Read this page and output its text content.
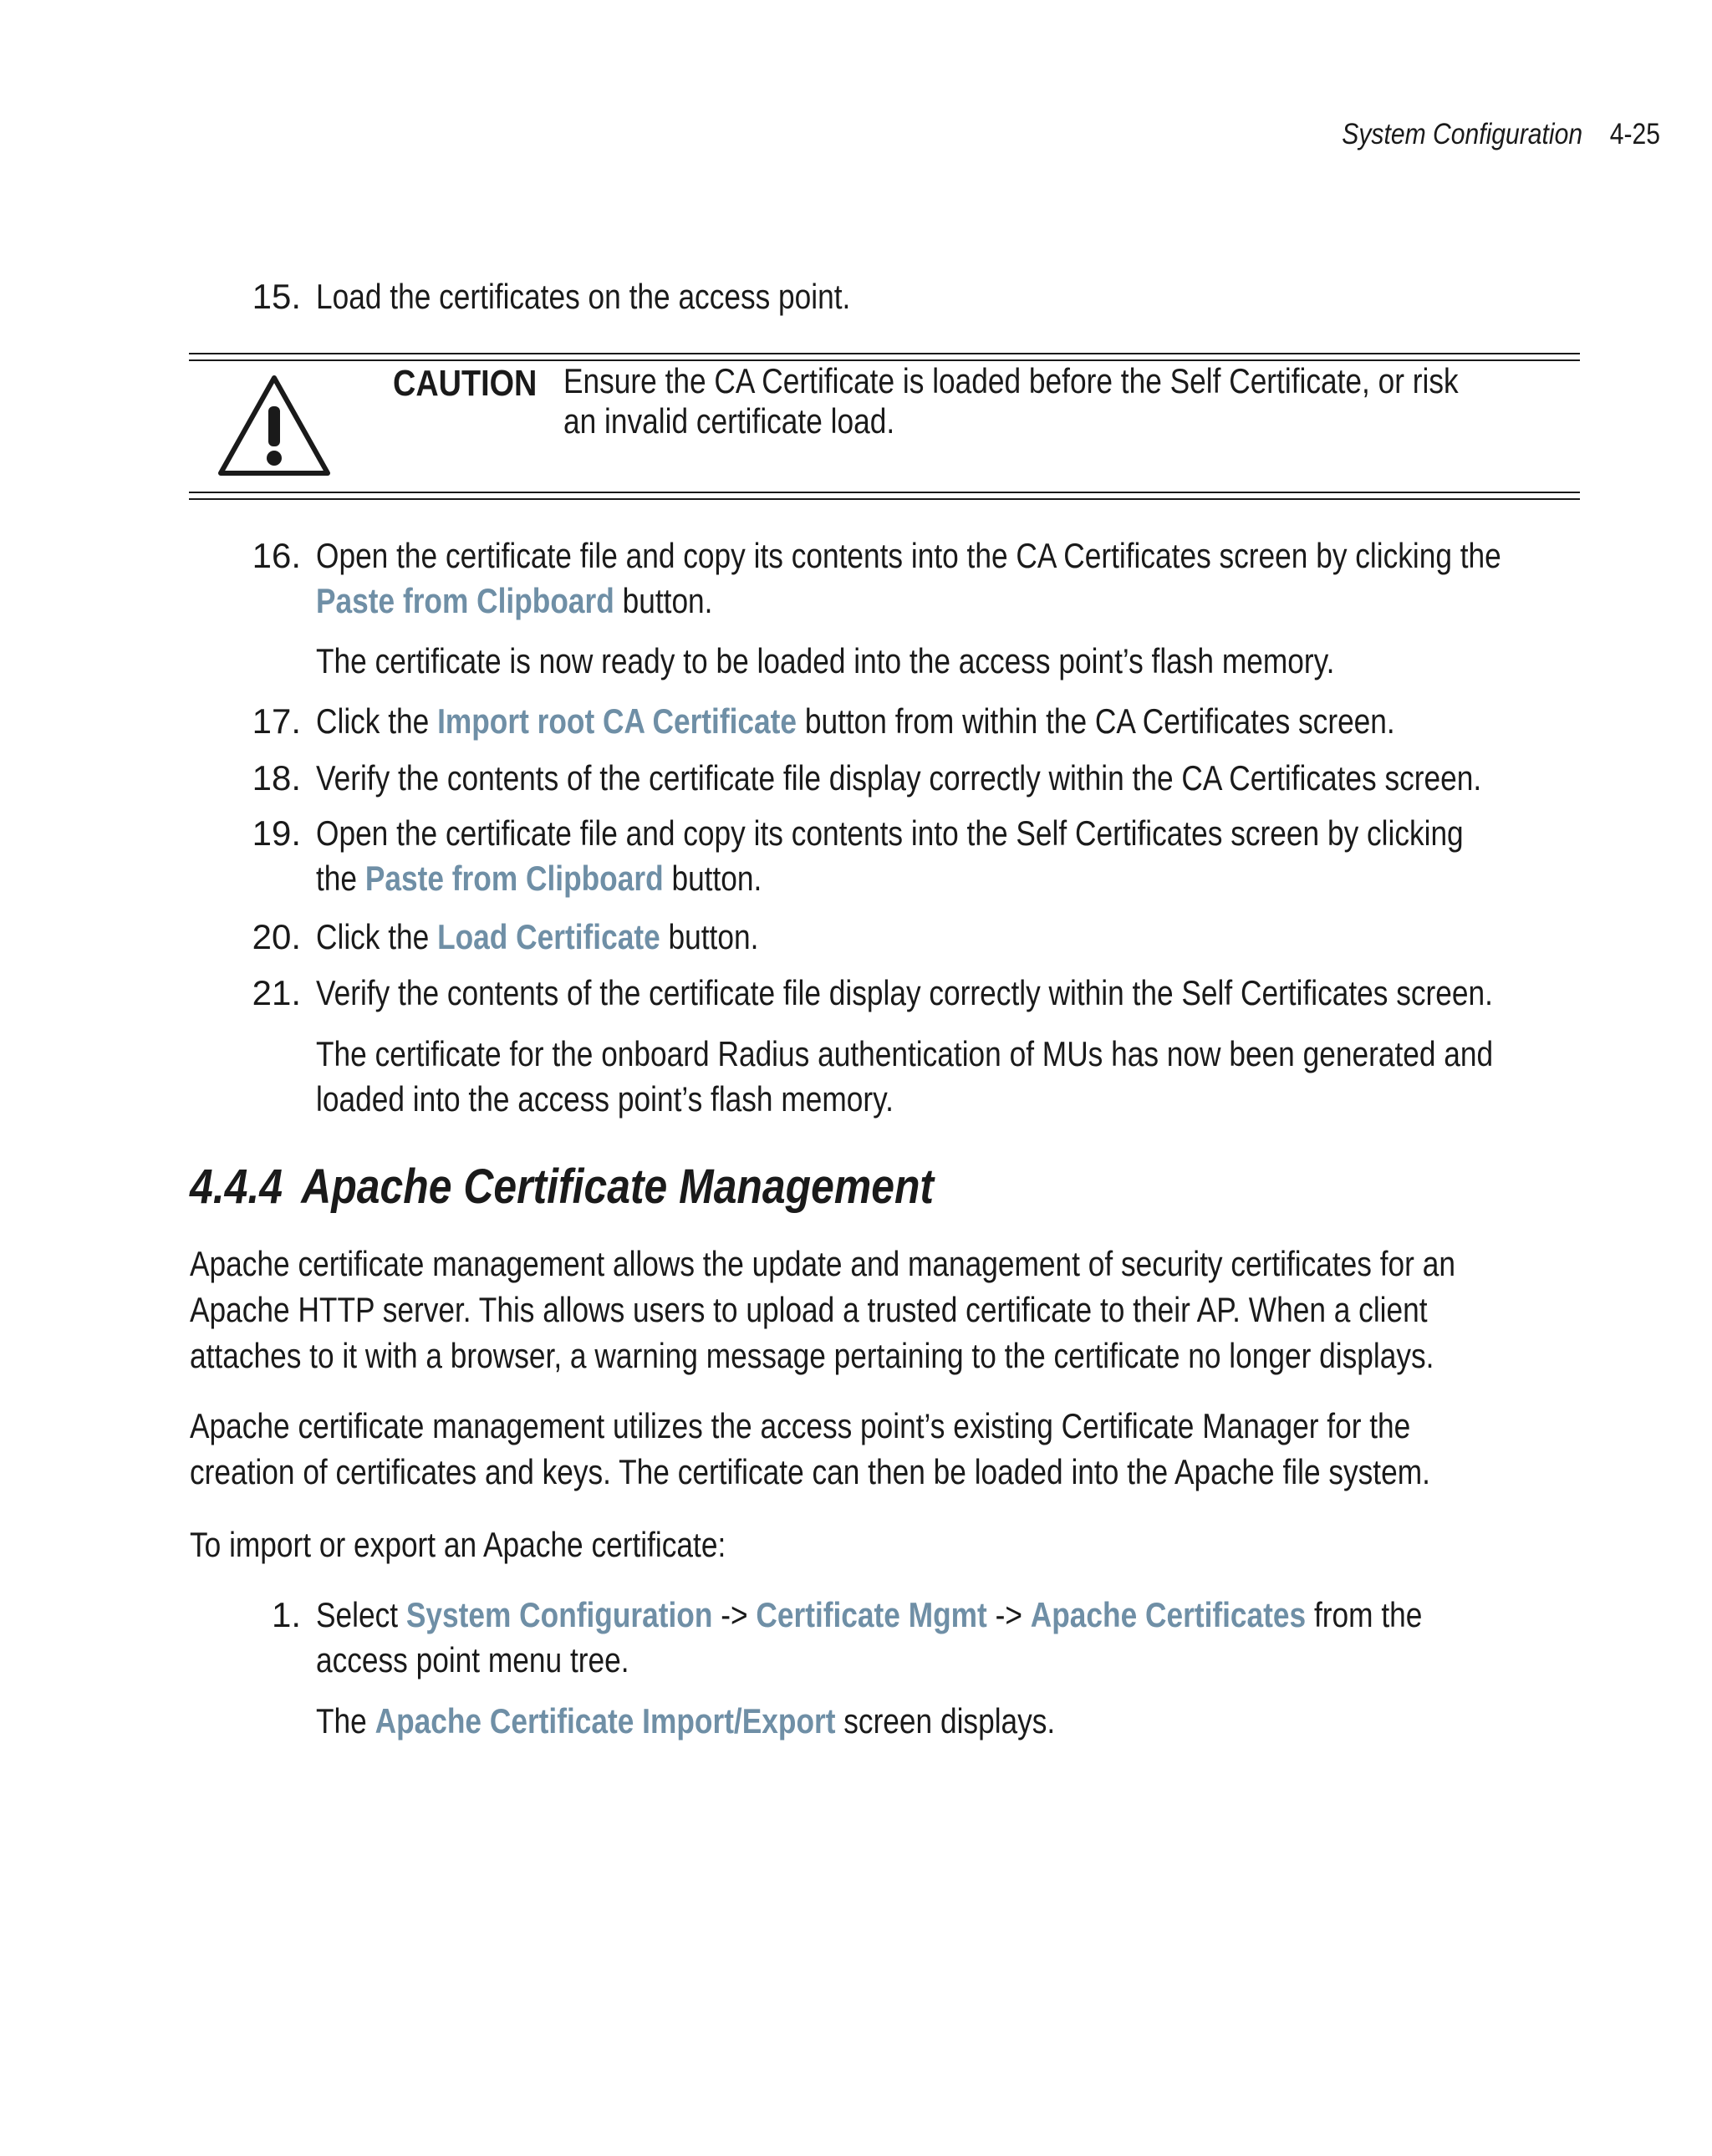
System Configuration 4-25
15. Load the certificates on the access point.
CAUTION Ensure the CA Certificate is loaded before the Self Certificate, or risk
an invalid certificate load.
16. Open the certificate file and copy its contents into the CA Certificates screen by clicking the
Paste from Clipboard button.
The certificate is now ready to be loaded into the access point’s flash memory.
17. Click the Import root CA Certificate button from within the CA Certificates screen.
18. Verify the contents of the certificate file display correctly within the CA Certificates screen.
19. Open the certificate file and copy its contents into the Self Certificates screen by clicking
the Paste from Clipboard button.
20. Click the Load Certificate button.
21. Verify the contents of the certificate file display correctly within the Self Certificates screen.
The certificate for the onboard Radius authentication of MUs has now been generated and
loaded into the access point’s flash memory.
4.4.4 Apache Certificate Management
Apache certificate management allows the update and management of security certificates for an
Apache HTTP server. This allows users to upload a trusted certificate to their AP. When a client
attaches to it with a browser, a warning message pertaining to the certificate no longer displays.
Apache certificate management utilizes the access point’s existing Certificate Manager for the
creation of certificates and keys. The certificate can then be loaded into the Apache file system.
To import or export an Apache certificate:
1. Select System Configuration -> Certificate Mgmt -> Apache Certificates from the
access point menu tree.
The Apache Certificate Import/Export screen displays.
